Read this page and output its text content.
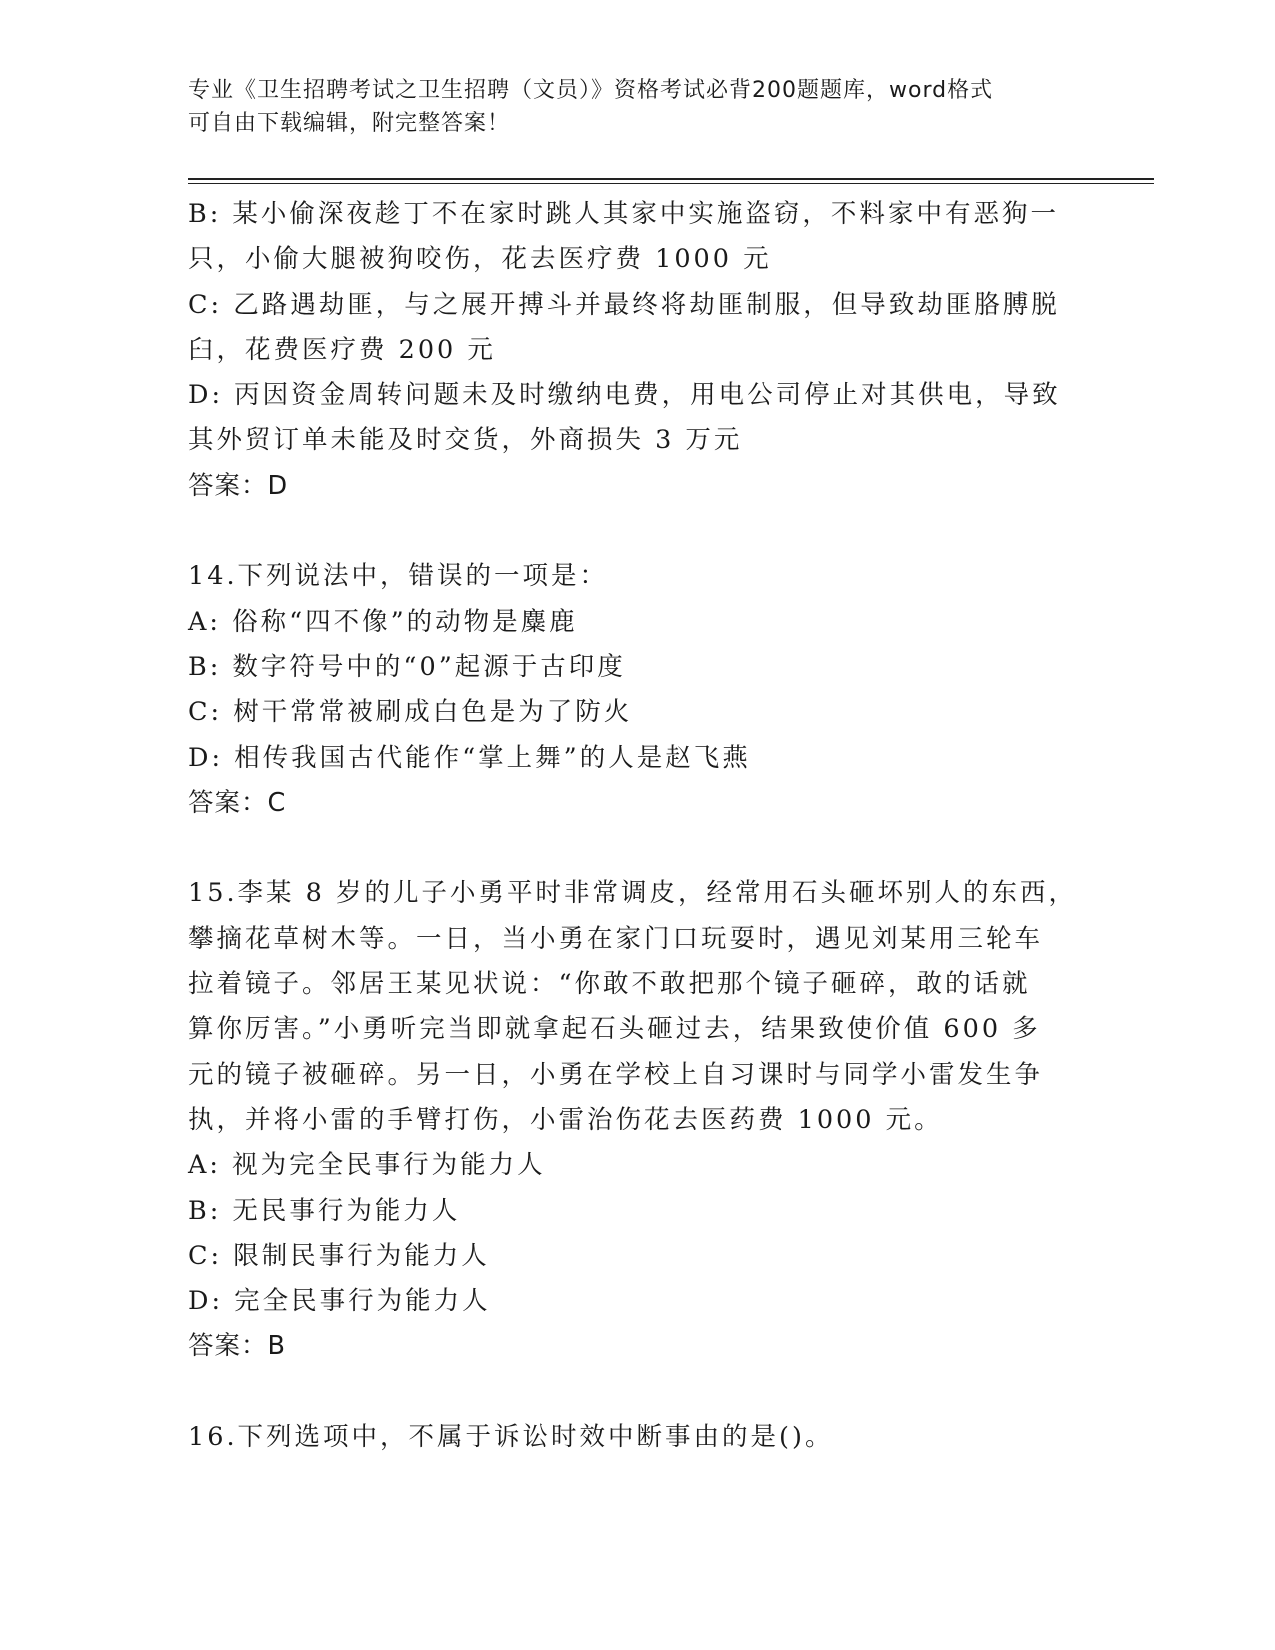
专业《卫生招聘考试之卫生招聘（文员）》资格考试必背200题题库，word格式
可自由下载编辑，附完整答案！
B: 某小偷深夜趁丁不在家时跳人其家中实施盗窃，不料家中有恶狗一
只，小偷大腿被狗咬伤，花去医疗费 1000 元
C: 乙路遇劫匪，与之展开搏斗并最终将劫匪制服，但导致劫匪胳膊脱
臼，花费医疗费 200 元
D: 丙因资金周转问题未及时缴纳电费，用电公司停止对其供电，导致
其外贸订单未能及时交货，外商损失 3 万元
答案：D
14.下列说法中，错误的一项是：
A: 俗称“四不像”的动物是麋鹿
B: 数字符号中的“0”起源于古印度
C: 树干常常被刷成白色是为了防火
D: 相传我国古代能作“掌上舞”的人是赵飞燕
答案：C
15.李某 8 岁的儿子小勇平时非常调皮，经常用石头砸坏别人的东西，
攀摘花草树木等。一日，当小勇在家门口玩耍时，遇见刘某用三轮车
拉着镜子。邻居王某见状说：“你敢不敢把那个镜子砸碎，敢的话就
算你厉害。”小勇听完当即就拿起石头砸过去，结果致使价值 600 多
元的镜子被砸碎。另一日，小勇在学校上自习课时与同学小雷发生争
执，并将小雷的手臂打伤，小雷治伤花去医药费 1000 元。
A: 视为完全民事行为能力人
B: 无民事行为能力人
C: 限制民事行为能力人
D: 完全民事行为能力人
答案：B
16.下列选项中，不属于诉讼时效中断事由的是()。
